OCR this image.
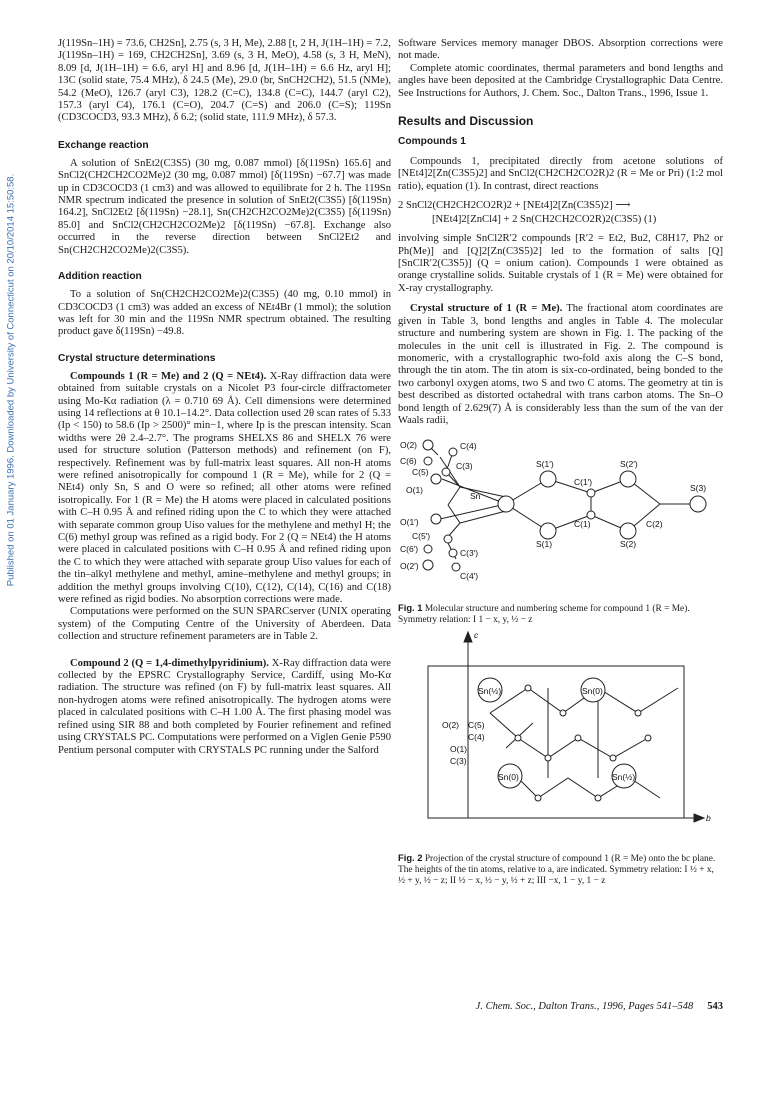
Published on 01 January 1996. Downloaded by University of Connecticut on 20/10/2014 15:50:58.

J(119Sn–1H) = 73.6, CH2Sn], 2.75 (s, 3 H, Me), 2.88 [t, 2 H, J(1H–1H) = 7.2, J(119Sn–1H) = 169, CH2CH2Sn], 3.69 (s, 3 H, MeO), 4.58 (s, 3 H, MeN), 8.09 [d, J(1H–1H) = 6.6, aryl H] and 8.96 [d, J(1H–1H) = 6.6 Hz, aryl H]; 13C (solid state, 75.4 MHz), δ 24.5 (Me), 29.0 (br, SnCH2CH2), 51.5 (NMe), 54.2 (MeO), 126.7 (aryl C3), 128.2 (C=C), 134.8 (C=C), 144.7 (aryl C2), 157.3 (aryl C4), 176.1 (C=O), 204.7 (C=S) and 206.0 (C=S); 119Sn (CD3COCD3, 93.3 MHz), δ 6.2; (solid state, 111.9 MHz), δ 57.3.

Exchange reaction

A solution of SnEt2(C3S5) (30 mg, 0.087 mmol) [δ(119Sn) 165.6] and SnCl2(CH2CH2CO2Me)2 (30 mg, 0.087 mmol) [δ(119Sn) −67.7] was made up in CD3COCD3 (1 cm3) and was allowed to equilibrate for 2 h. The 119Sn NMR spectrum indicated the presence in solution of SnEt2(C3S5) [δ(119Sn) 164.2], SnCl2Et2 [δ(119Sn) −28.1], Sn(CH2CH2CO2Me)2(C3S5) [δ(119Sn) 85.0] and SnCl2(CH2CH2CO2Me)2 [δ(119Sn) −67.8]. Exchange also occurred in the reverse direction between SnCl2Et2 and Sn(CH2CH2CO2Me)2(C3S5).

Addition reaction

To a solution of Sn(CH2CH2CO2Me)2(C3S5) (40 mg, 0.10 mmol) in CD3COCD3 (1 cm3) was added an excess of NEt4Br (1 mmol); the solution was left for 30 min and the 119Sn NMR spectrum obtained. The resulting product gave δ(119Sn) −49.8.

Crystal structure determinations

Compounds 1 (R = Me) and 2 (Q = NEt4). X-Ray diffraction data were obtained from suitable crystals on a Nicolet P3 four-circle diffractometer using Mo-Kα radiation (λ = 0.710 69 Å). Cell dimensions were determined using 14 reflections at θ 10.1–14.2°. Data collection used 2θ scan rates of 5.33 (Ip < 150) to 58.6 (Ip > 2500)° min−1, where Ip is the prescan intensity. Scan widths were 2θ 2.4–2.7°. The programs SHELXS 86 and SHELX 76 were used for structure solution (Patterson methods) and refinement (on F), respectively. Refinement was by full-matrix least squares. All non-H atoms were refined anisotropically for compound 1 (R = Me), while for 2 (Q = NEt4) only Sn, S and O were so refined; all other atoms were refined isotropically. For 1 (R = Me) the H atoms were placed in calculated positions with C–H 0.95 Å and refined riding upon the C to which they were attached with separate common group Uiso values for the methylene and methyl H; the C(6) methyl group was refined as a rigid body. For 2 (Q = NEt4) the H atoms were placed in calculated positions with C–H 0.95 Å and refined riding upon the C to which they were attached with separate group Uiso values for each of the tin–alkyl methylene and methyl, amine–methylene and methyl groups; in addition the methyl groups involving C(10), C(12), C(14), C(16) and C(18) were refined as rigid bodies. No absorption corrections were made.

Computations were performed on the SUN SPARCserver (UNIX operating system) of the Computing Centre of the University of Aberdeen. Data collection and structure refinement parameters are in Table 2.

Compound 2 (Q = 1,4-dimethylpyridinium). X-Ray diffraction data were collected by the EPSRC Crystallography Service, Cardiff, using Mo-Kα radiation. The structure was refined (on F) by full-matrix least squares. All non-hydrogen atoms were refined anisotropically. The hydrogen atoms were placed in calculated positions with C–H 1.00 Å. The first phasing model was refined using SIR 88 and both completed by Fourier refinement and refined using CRYSTALS PC. Computations were performed on a Viglen Genie P590 Pentium personal computer with CRYSTALS PC running under the Salford

Software Services memory manager DBOS. Absorption corrections were not made.

Complete atomic coordinates, thermal parameters and bond lengths and angles have been deposited at the Cambridge Crystallographic Data Centre. See Instructions for Authors, J. Chem. Soc., Dalton Trans., 1996, Issue 1.

Results and Discussion
Compounds 1

Compounds 1, precipitated directly from acetone solutions of [NEt4]2[Zn(C3S5)2] and SnCl2(CH2CH2CO2R)2 (R = Me or Pri) (1:2 mol ratio), equation (1). In contrast, direct reactions

2 SnCl2(CH2CH2CO2R)2 + [NEt4]2[Zn(C3S5)2] ⟶
[NEt4]2[ZnCl4] + 2 Sn(CH2CH2CO2R)2(C3S5) (1)

involving simple SnCl2R′2 compounds [R′2 = Et2, Bu2, C8H17, Ph2 or Ph(Me)] and [Q]2[Zn(C3S5)2] led to the formation of salts [Q][SnClR′2(C3S5)] (Q = onium cation). Compounds 1 were obtained as orange crystalline solids. Suitable crystals of 1 (R = Me) were obtained for X-ray crystallography.

Crystal structure of 1 (R = Me). The fractional atom coordinates are given in Table 3, bond lengths and angles in Table 4. The molecular structure and numbering system are shown in Fig. 1. The packing of the molecules in the unit cell is illustrated in Fig. 2. The compound is monomeric, with a crystallographic two-fold axis along the C–S bond, through the tin atom. The tin atom is six-co-ordinated, being bonded to the two carbonyl oxygen atoms, two S and two C atoms. The geometry at tin is best described as distorted octahedral with trans carbon atoms. The Sn–O bond length of 2.629(7) Å is considerably less than the sum of the van der Waals radii,

O(2)	C(4)
C(6)	C(3)
C(5)
S(1′)	S(2′)
O(1)
Sn
C(1′)
S(3)
C(1)	C(2)
O(1′)
S(1)	S(2)
C(5′)
C(6′)	C(3′)
O(2′)
C(4′)

Fig. 1 Molecular structure and numbering scheme for compound 1 (R = Me). Symmetry relation: I 1 − x, y, ½ − z

c
Sn(½)	Sn(0)
O(2) C(5)
C(4)
O(1)
C(3)
Sn(0)	Sn(½)
b

Fig. 2 Projection of the crystal structure of compound 1 (R = Me) onto the bc plane. The heights of the tin atoms, relative to a, are indicated. Symmetry relation: I ½ + x, ½ + y, ½ − z; II ½ − x, ½ − y, ½ + z; III −x, 1 − y, 1 − z

J. Chem. Soc., Dalton Trans., 1996, Pages 541–548 543
